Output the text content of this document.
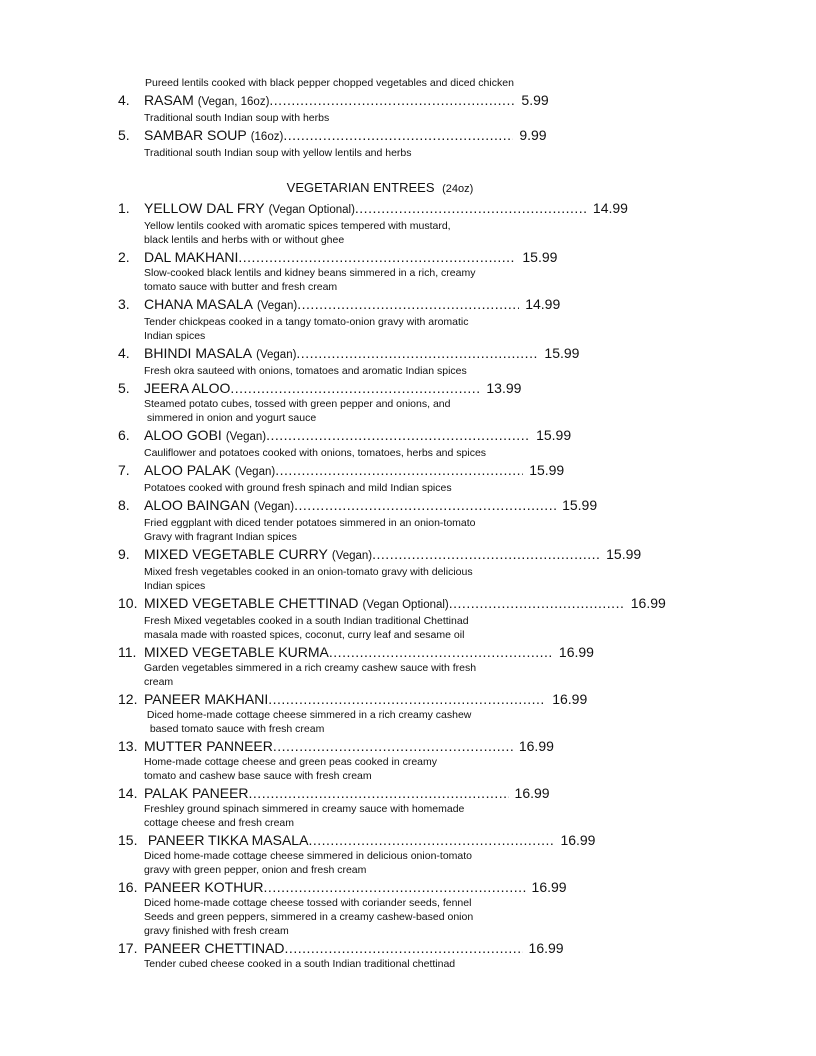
Pureed lentils cooked with black pepper chopped vegetables and diced chicken
4.	RASAM (Vegan, 16oz) .....	5.99
Traditional south Indian soup with herbs
5.	SAMBAR SOUP (16oz) .....	9.99
Traditional south Indian soup with yellow lentils and herbs
VEGETARIAN ENTREES (24oz)
1.	YELLOW DAL FRY (Vegan Optional) .....	14.99
Yellow lentils cooked with aromatic spices tempered with mustard,
black lentils and herbs with or without ghee
2.	DAL MAKHANI .....	15.99
Slow-cooked black lentils and kidney beans simmered in a rich, creamy
tomato sauce with butter and fresh cream
3.	CHANA MASALA (Vegan) .....	14.99
Tender chickpeas cooked in a tangy tomato-onion gravy with aromatic
Indian spices
4.	BHINDI MASALA (Vegan) .....	15.99
Fresh okra sauteed with onions, tomatoes and aromatic Indian spices
5.	JEERA ALOO .....	13.99
Steamed potato cubes, tossed with green pepper and onions, and
simmered in onion and yogurt sauce
6.	ALOO GOBI (Vegan) .....	15.99
Cauliflower and potatoes cooked with onions, tomatoes, herbs and spices
7.	ALOO PALAK (Vegan) .....	15.99
Potatoes cooked with ground fresh spinach and mild Indian spices
8.	ALOO BAINGAN (Vegan) .....	15.99
Fried eggplant with diced tender potatoes simmered in an onion-tomato
Gravy with fragrant Indian spices
9.	MIXED VEGETABLE CURRY (Vegan) .....	15.99
Mixed fresh vegetables cooked in an onion-tomato gravy with delicious
Indian spices
10. MIXED VEGETABLE CHETTINAD (Vegan Optional) .....	16.99
Fresh Mixed vegetables cooked in a south Indian traditional Chettinad
masala made with roasted spices, coconut, curry leaf and sesame oil
11. MIXED VEGETABLE KURMA .....	16.99
Garden vegetables simmered in a rich creamy cashew sauce with fresh
cream
12. PANEER MAKHANI .....	16.99
Diced home-made cottage cheese simmered in a rich creamy cashew
based tomato sauce with fresh cream
13. MUTTER PANNEER .....	16.99
Home-made cottage cheese and green peas cooked in creamy
tomato and cashew base sauce with fresh cream
14. PALAK PANEER .....	16.99
Freshley ground spinach simmered in creamy sauce with homemade
cottage cheese and fresh cream
15. PANEER TIKKA MASALA .....	16.99
Diced home-made cottage cheese simmered in delicious onion-tomato
gravy with green pepper, onion and fresh cream
16. PANEER KOTHUR .....	16.99
Diced home-made cottage cheese tossed with coriander seeds, fennel
Seeds and green peppers, simmered in a creamy cashew-based onion
gravy finished with fresh cream
17. PANEER CHETTINAD .....	16.99
Tender cubed cheese cooked in a south Indian traditional chettinad
